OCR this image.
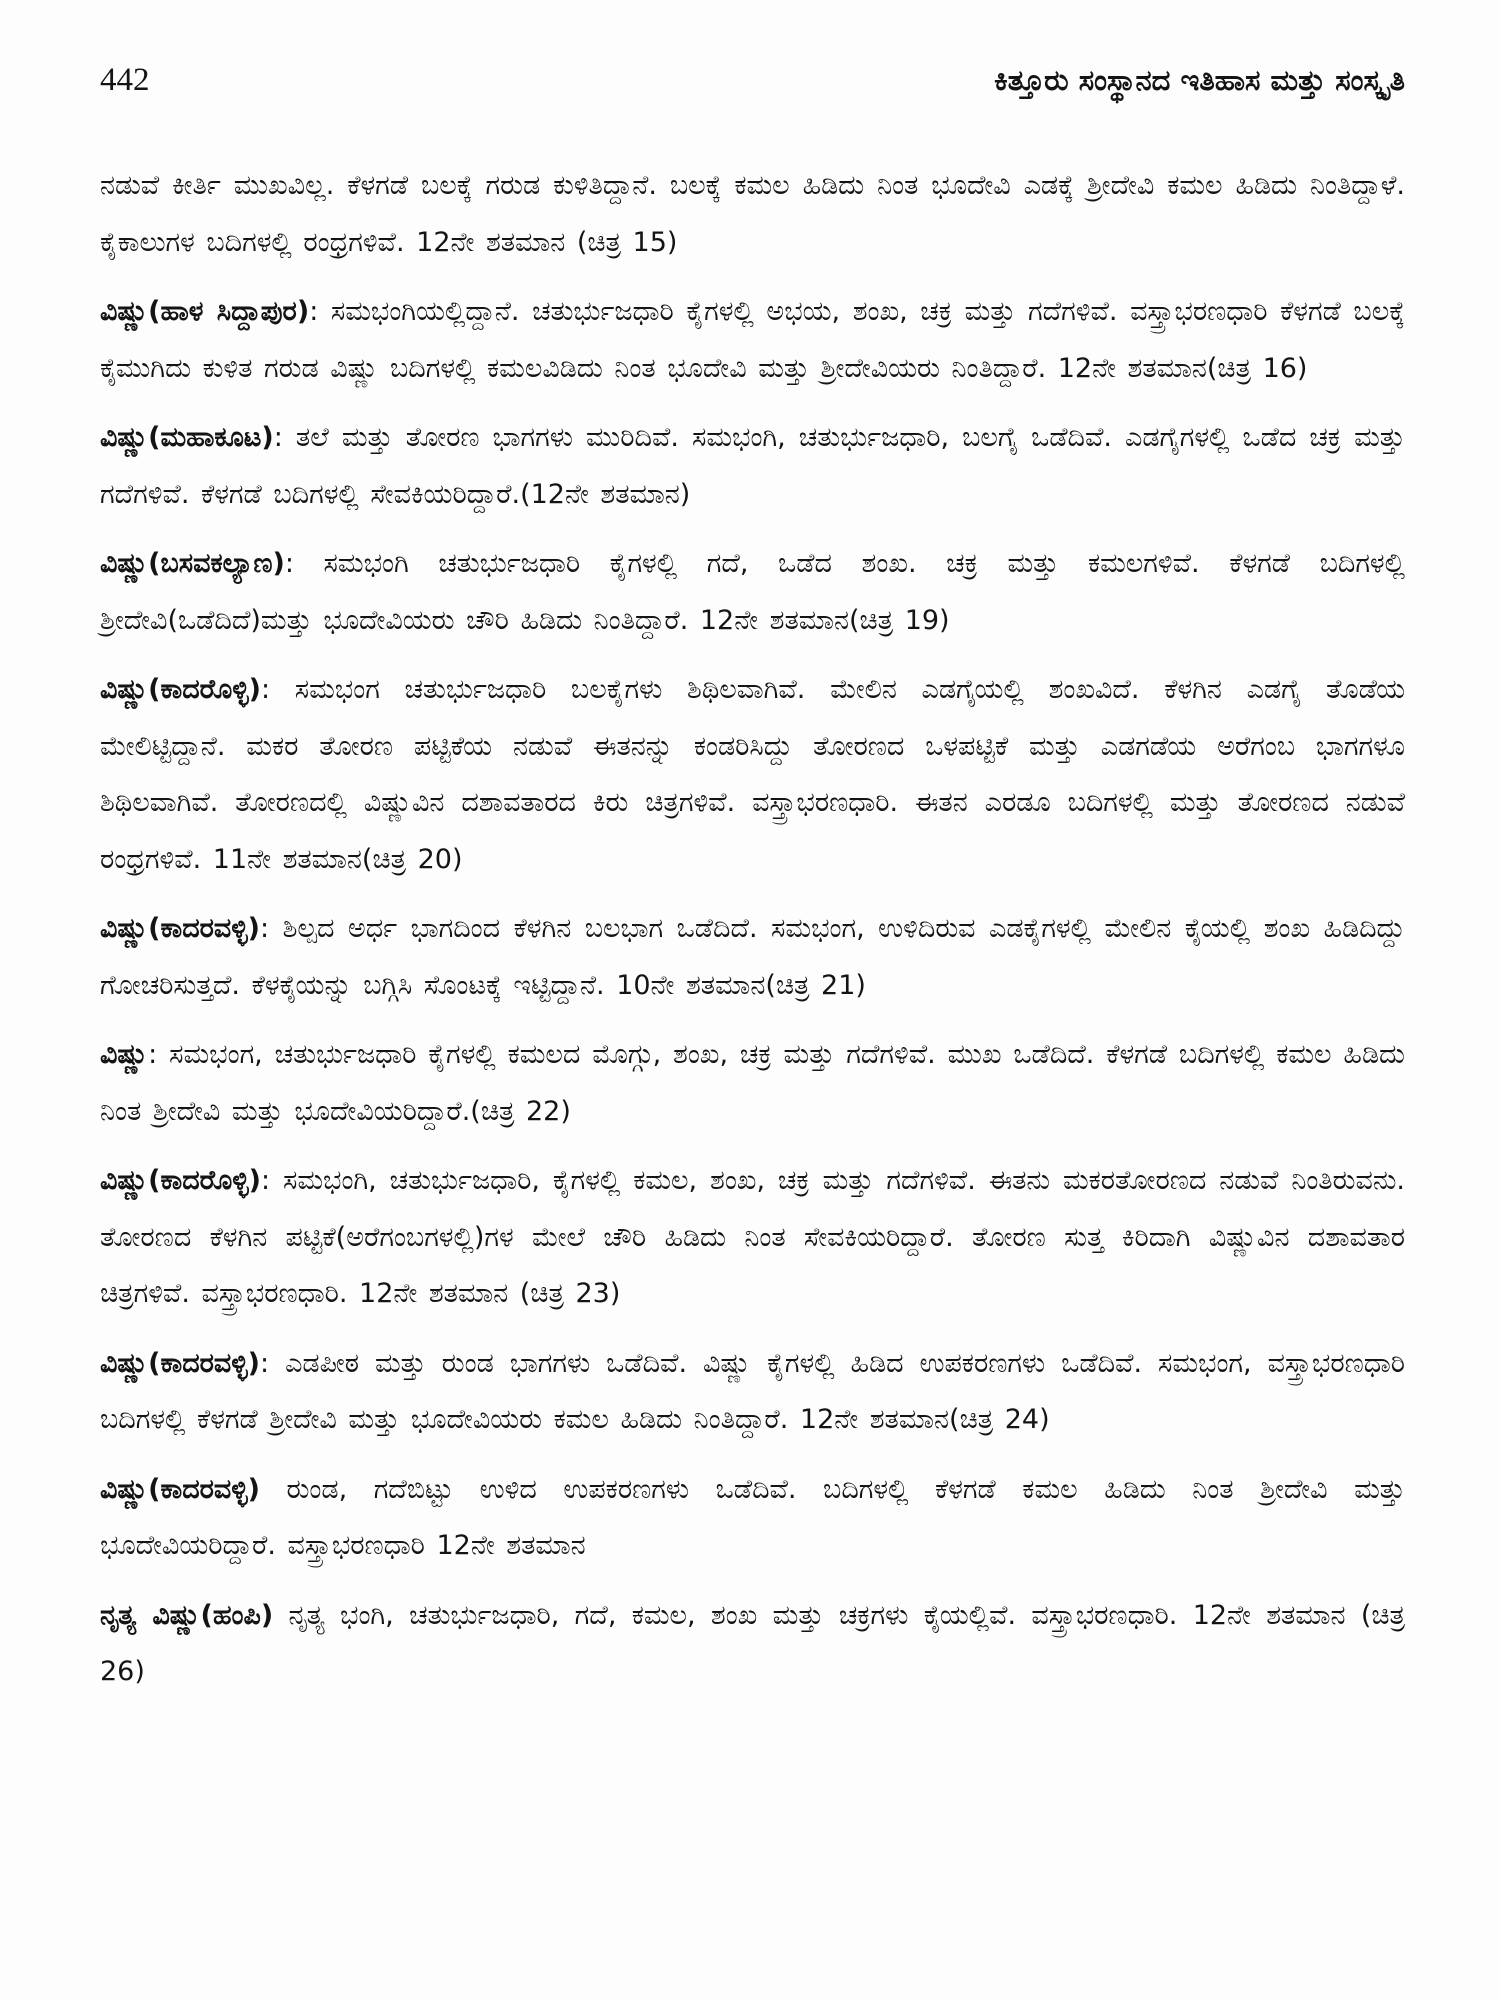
442	ಕಿತ್ತೂರು ಸಂಸ್ಥಾನದ ಇತಿಹಾಸ ಮತ್ತು ಸಂಸ್ಕೃತಿ

ನಡುವೆ ಕೀರ್ತಿ ಮುಖವಿಲ್ಲ. ಕೆಳಗಡೆ ಬಲಕ್ಕೆ ಗರುಡ ಕುಳಿತಿದ್ದಾನೆ. ಬಲಕ್ಕೆ ಕಮಲ ಹಿಡಿದು ನಿಂತ ಭೂದೇವಿ ಎಡಕ್ಕೆ ಶ್ರೀದೇವಿ ಕಮಲ ಹಿಡಿದು ನಿಂತಿದ್ದಾಳೆ. ಕೈಕಾಲುಗಳ ಬದಿಗಳಲ್ಲಿ ರಂಧ್ರಗಳಿವೆ. 12ನೇ ಶತಮಾನ (ಚಿತ್ರ 15)

ವಿಷ್ಣು(ಹಾಳ ಸಿದ್ದಾಪುರ): ಸಮಭಂಗಿಯಲ್ಲಿದ್ದಾನೆ. ಚತುರ್ಭುಜಧಾರಿ ಕೈಗಳಲ್ಲಿ ಅಭಯ, ಶಂಖ, ಚಕ್ರ ಮತ್ತು ಗದೆಗಳಿವೆ. ವಸ್ತ್ರಾಭರಣಧಾರಿ ಕೆಳಗಡೆ ಬಲಕ್ಕೆ ಕೈಮುಗಿದು ಕುಳಿತ ಗರುಡ ವಿಷ್ಣು ಬದಿಗಳಲ್ಲಿ ಕಮಲವಿಡಿದು ನಿಂತ ಭೂದೇವಿ ಮತ್ತು ಶ್ರೀದೇವಿಯರು ನಿಂತಿದ್ದಾರೆ. 12ನೇ ಶತಮಾನ(ಚಿತ್ರ 16)

ವಿಷ್ಣು(ಮಹಾಕೂಟ): ತಲೆ ಮತ್ತು ತೋರಣ ಭಾಗಗಳು ಮುರಿದಿವೆ. ಸಮಭಂಗಿ, ಚತುರ್ಭುಜಧಾರಿ, ಬಲಗೈ ಒಡೆದಿವೆ. ಎಡಗೈಗಳಲ್ಲಿ ಒಡೆದ ಚಕ್ರ ಮತ್ತು ಗದೆಗಳಿವೆ. ಕೆಳಗಡೆ ಬದಿಗಳಲ್ಲಿ ಸೇವಕಿಯರಿದ್ದಾರೆ.(12ನೇ ಶತಮಾನ)

ವಿಷ್ಣು(ಬಸವಕಲ್ಯಾಣ): ಸಮಭಂಗಿ ಚತುರ್ಭುಜಧಾರಿ ಕೈಗಳಲ್ಲಿ ಗದೆ, ಒಡೆದ ಶಂಖ. ಚಕ್ರ ಮತ್ತು ಕಮಲಗಳಿವೆ. ಕೆಳಗಡೆ ಬದಿಗಳಲ್ಲಿ ಶ್ರೀದೇವಿ(ಒಡೆದಿದೆ)ಮತ್ತು ಭೂದೇವಿಯರು ಚೌರಿ ಹಿಡಿದು ನಿಂತಿದ್ದಾರೆ. 12ನೇ ಶತಮಾನ(ಚಿತ್ರ 19)

ವಿಷ್ಣು(ಕಾದರೊಳ್ಳಿ): ಸಮಭಂಗ ಚತುರ್ಭುಜಧಾರಿ ಬಲಕೈಗಳು ಶಿಥಿಲವಾಗಿವೆ. ಮೇಲಿನ ಎಡಗೈಯಲ್ಲಿ ಶಂಖವಿದೆ. ಕೆಳಗಿನ ಎಡಗೈ ತೊಡೆಯ ಮೇಲಿಟ್ಟಿದ್ದಾನೆ. ಮಕರ ತೋರಣ ಪಟ್ಟಿಕೆಯ ನಡುವೆ ಈತನನ್ನು ಕಂಡರಿಸಿದ್ದು ತೋರಣದ ಒಳಪಟ್ಟಿಕೆ ಮತ್ತು ಎಡಗಡೆಯ ಅರೆಗಂಬ ಭಾಗಗಳೂ ಶಿಥಿಲವಾಗಿವೆ. ತೋರಣದಲ್ಲಿ ವಿಷ್ಣುವಿನ ದಶಾವತಾರದ ಕಿರು ಚಿತ್ರಗಳಿವೆ. ವಸ್ತ್ರಾಭರಣಧಾರಿ. ಈತನ ಎರಡೂ ಬದಿಗಳಲ್ಲಿ ಮತ್ತು ತೋರಣದ ನಡುವೆ ರಂಧ್ರಗಳಿವೆ. 11ನೇ ಶತಮಾನ(ಚಿತ್ರ 20)

ವಿಷ್ಣು(ಕಾದರವಳ್ಳಿ): ಶಿಲ್ಪದ ಅರ್ಧ ಭಾಗದಿಂದ ಕೆಳಗಿನ ಬಲಭಾಗ ಒಡೆದಿದೆ. ಸಮಭಂಗ, ಉಳಿದಿರುವ ಎಡಕೈಗಳಲ್ಲಿ ಮೇಲಿನ ಕೈಯಲ್ಲಿ ಶಂಖ ಹಿಡಿದಿದ್ದು ಗೋಚರಿಸುತ್ತದೆ. ಕೆಳಕೈಯನ್ನು ಬಗ್ಗಿಸಿ ಸೊಂಟಕ್ಕೆ ಇಟ್ಟಿದ್ದಾನೆ. 10ನೇ ಶತಮಾನ(ಚಿತ್ರ 21)

ವಿಷ್ಣು: ಸಮಭಂಗ, ಚತುರ್ಭುಜಧಾರಿ ಕೈಗಳಲ್ಲಿ ಕಮಲದ ಮೊಗ್ಗು, ಶಂಖ, ಚಕ್ರ ಮತ್ತು ಗದೆಗಳಿವೆ. ಮುಖ ಒಡೆದಿದೆ. ಕೆಳಗಡೆ ಬದಿಗಳಲ್ಲಿ ಕಮಲ ಹಿಡಿದು ನಿಂತ ಶ್ರೀದೇವಿ ಮತ್ತು ಭೂದೇವಿಯರಿದ್ದಾರೆ.(ಚಿತ್ರ 22)

ವಿಷ್ಣು(ಕಾದರೊಳ್ಳಿ): ಸಮಭಂಗಿ, ಚತುರ್ಭುಜಧಾರಿ, ಕೈಗಳಲ್ಲಿ ಕಮಲ, ಶಂಖ, ಚಕ್ರ ಮತ್ತು ಗದೆಗಳಿವೆ. ಈತನು ಮಕರತೋರಣದ ನಡುವೆ ನಿಂತಿರುವನು. ತೋರಣದ ಕೆಳಗಿನ ಪಟ್ಟಿಕೆ(ಅರೆಗಂಬಗಳಲ್ಲಿ)ಗಳ ಮೇಲೆ ಚೌರಿ ಹಿಡಿದು ನಿಂತ ಸೇವಕಿಯರಿದ್ದಾರೆ. ತೋರಣ ಸುತ್ತ ಕಿರಿದಾಗಿ ವಿಷ್ಣುವಿನ ದಶಾವತಾರ ಚಿತ್ರಗಳಿವೆ. ವಸ್ತ್ರಾಭರಣಧಾರಿ. 12ನೇ ಶತಮಾನ (ಚಿತ್ರ 23)

ವಿಷ್ಣು(ಕಾದರವಳ್ಳಿ): ಎಡಪೀಠ ಮತ್ತು ರುಂಡ ಭಾಗಗಳು ಒಡೆದಿವೆ. ವಿಷ್ಣು ಕೈಗಳಲ್ಲಿ ಹಿಡಿದ ಉಪಕರಣಗಳು ಒಡೆದಿವೆ. ಸಮಭಂಗ, ವಸ್ತ್ರಾಭರಣಧಾರಿ ಬದಿಗಳಲ್ಲಿ ಕೆಳಗಡೆ ಶ್ರೀದೇವಿ ಮತ್ತು ಭೂದೇವಿಯರು ಕಮಲ ಹಿಡಿದು ನಿಂತಿದ್ದಾರೆ. 12ನೇ ಶತಮಾನ(ಚಿತ್ರ 24)

ವಿಷ್ಣು(ಕಾದರವಳ್ಳಿ) ರುಂಡ, ಗದೆಬಿಟ್ಟು ಉಳಿದ ಉಪಕರಣಗಳು ಒಡೆದಿವೆ. ಬದಿಗಳಲ್ಲಿ ಕೆಳಗಡೆ ಕಮಲ ಹಿಡಿದು ನಿಂತ ಶ್ರೀದೇವಿ ಮತ್ತು ಭೂದೇವಿಯರಿದ್ದಾರೆ. ವಸ್ತ್ರಾಭರಣಧಾರಿ 12ನೇ ಶತಮಾನ

ನೃತ್ಯ ವಿಷ್ಣು(ಹಂಪಿ) ನೃತ್ಯ ಭಂಗಿ, ಚತುರ್ಭುಜಧಾರಿ, ಗದೆ, ಕಮಲ, ಶಂಖ ಮತ್ತು ಚಕ್ರಗಳು ಕೈಯಲ್ಲಿವೆ. ವಸ್ತ್ರಾಭರಣಧಾರಿ. 12ನೇ ಶತಮಾನ (ಚಿತ್ರ 26)
